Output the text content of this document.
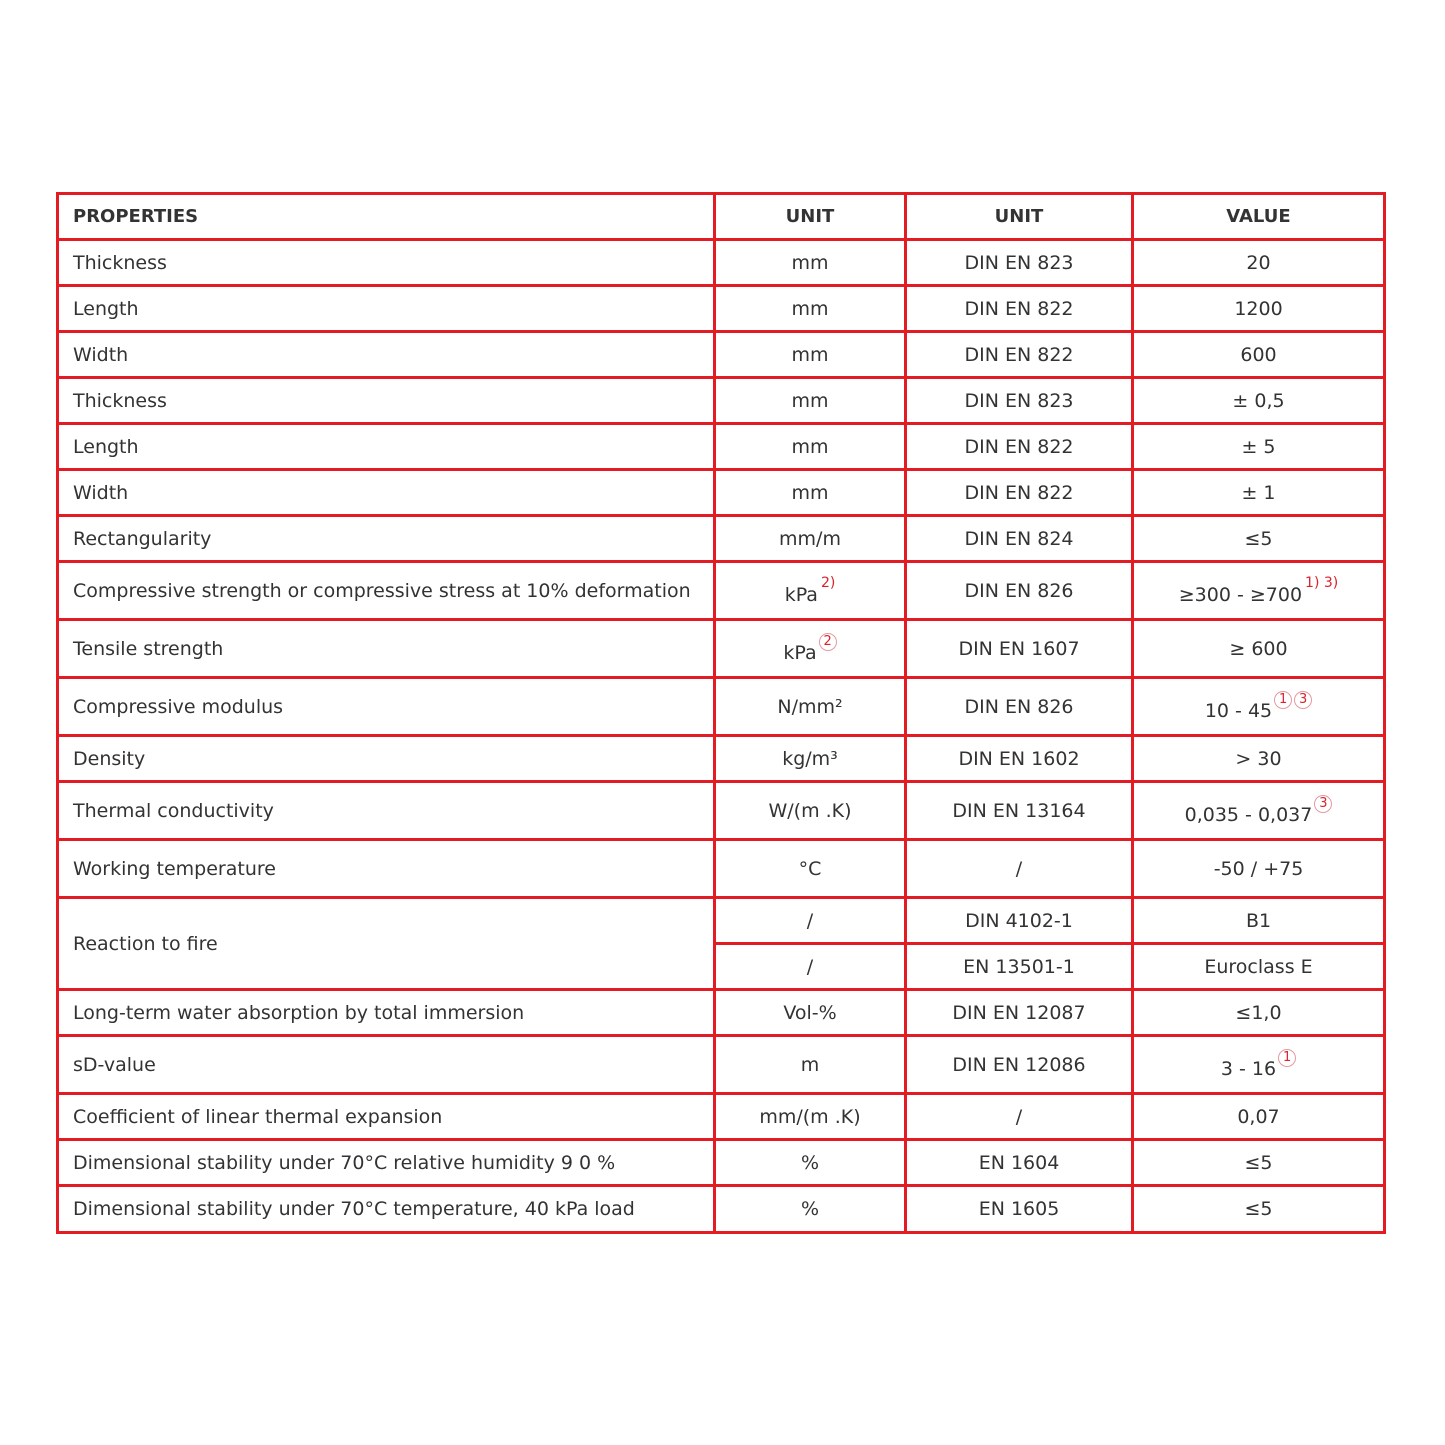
PROPERTIES	UNIT	UNIT	VALUE
Thickness	mm	DIN EN 823	20
Length	mm	DIN EN 822	1200
Width	mm	DIN EN 822	600
Thickness	mm	DIN EN 823	± 0,5
Length	mm	DIN EN 822	± 5
Width	mm	DIN EN 822	± 1
Rectangularity	mm/m	DIN EN 824	≤5
Compressive strength or compressive stress at 10% deformation	kPa$^{2)}$	DIN EN 826	≥300 - ≥700$^{1) 3)}$
Tensile strength	kPa2	DIN EN 1607	≥ 600
Compressive modulus	N/mm²	DIN EN 826	10 - 451 3
Density	kg/m³	DIN EN 1602	> 30
Thermal conductivity	W/(m .K)	DIN EN 13164	0,035 - 0,0373
Working temperature	°C	/	-50 / +75
Reaction to fire	/	DIN 4102-1	B1
	/	EN 13501-1	Euroclass E
Long-term water absorption by total immersion	Vol-%	DIN EN 12087	≤1,0
sD-value	m	DIN EN 12086	3 - 161
Coefficient of linear thermal expansion	mm/(m .K)	/	0,07
Dimensional stability under 70°C relative humidity 9 0 %	%	EN 1604	≤5
Dimensional stability under 70°C temperature, 40 kPa load	%	EN 1605	≤5
